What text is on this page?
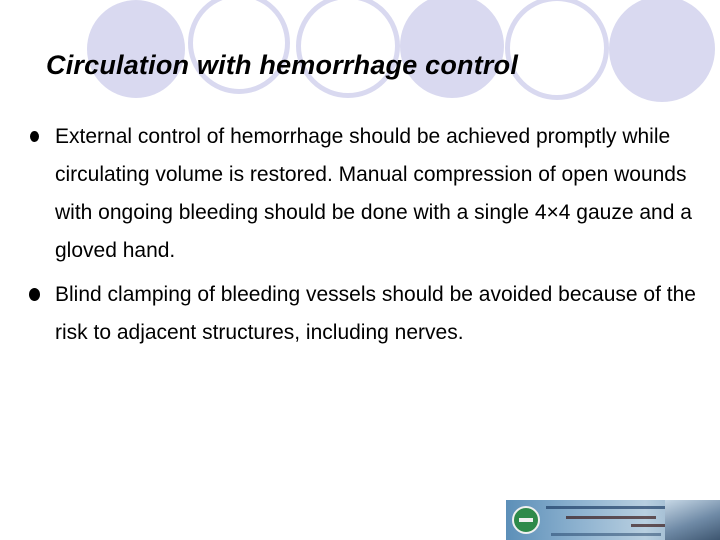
Circulation with hemorrhage control
External control of hemorrhage should be achieved promptly while circulating volume is restored. Manual compression of open wounds with ongoing bleeding should be done with a single 4×4 gauze and a gloved hand.
Blind clamping of bleeding vessels should be avoided because of the risk to adjacent structures, including nerves.
